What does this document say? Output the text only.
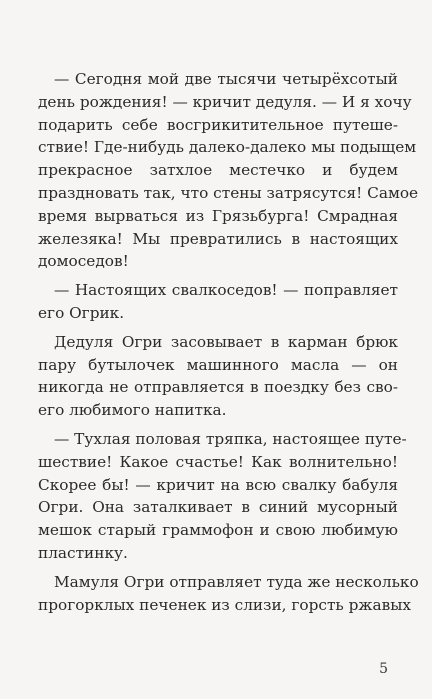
— Сегодня мой две тысячи четырёхсотый
день рождения! — кричит дедуля. — И я хочу
подарить себе восгрикитительное путеше-
ствие! Где-нибудь далеко-далеко мы подыщем
прекрасное затхлое местечко и будем
праздновать так, что стены затрясутся! Самое
время вырваться из Грязьбурга! Смрадная
железяка! Мы превратились в настоящих
домоседов!
— Настоящих свалкоседов! — поправляет
его Огрик.
Дедуля Огри засовывает в карман брюк
пару бутылочек машинного масла — он
никогда не отправляется в поездку без сво-
его любимого напитка.
— Тухлая половая тряпка, настоящее путе-
шествие! Какое счастье! Как волнительно!
Скорее бы! — кричит на всю свалку бабуля
Огри. Она заталкивает в синий мусорный
мешок старый граммофон и свою любимую
пластинку.
Мамуля Огри отправляет туда же несколько
прогорклых печенек из слизи, горсть ржавых
5
